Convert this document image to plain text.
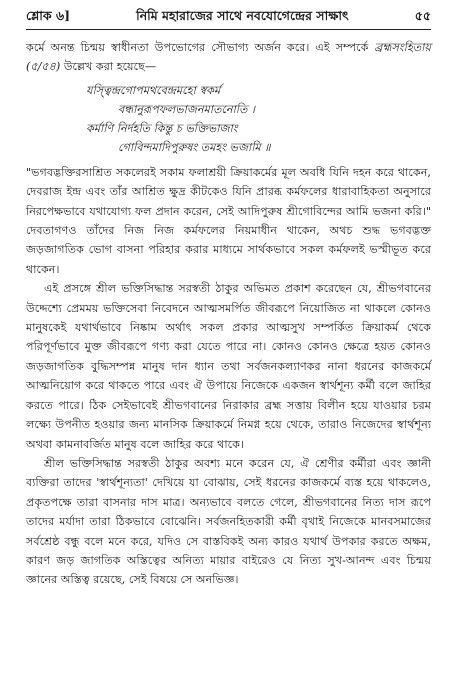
শ্লোক ৬]	নিমি মহারাজের সাথে নবযোগেন্দ্রের সাক্ষাৎ	৫৫

কর্মে অনন্ত চিন্ময় স্বাধীনতা উপভোগের সৌভাগ্য অর্জন করে। এই সম্পর্কে ব্রহ্মসংহিতায় (৫/৫৪) উল্লেখ করা হয়েছে—

যস্ত্বিন্দ্রগোপমথবেন্দ্রমহো স্বকর্ম
বন্ধানুরূপফলভাজনমাতনোতি ।
কর্মাণি নির্দহতি কিন্তু চ ভক্তিভাজাং
গোবিন্দমাদিপুরুষং তমহং ভজামি ॥

"ভগবদ্ভক্তিরসাশ্রিত সকলেরই সকাম ফলাশ্রয়ী ক্রিয়াকর্মের মূল অবধি যিনি দহন করে থাকেন, দেবরাজ ইন্দ্র এবং তাঁর আশ্রিত ক্ষুদ্র কীটকেও যিনি প্রারব্ধ কর্মফলের ধারাবাহিকতা অনুসারে নিরপেক্ষভাবে যথাযোগ্য ফল প্রদান করেন, সেই আদিপুরুষ শ্রীগোবিন্দের আমি ভজনা করি।" দেবতাগণও তাঁদের নিজ নিজ কর্মফলের নিয়মাধীন থাকেন, অথচ শুদ্ধ ভগবদ্ভক্ত জড়জাগতিক ভোগ বাসনা পরিহার করার মাধ্যমে সার্থকভাবে সকল কর্মফলই ভস্মীভূত করে থাকেন।

এই প্রসঙ্গে শ্রীল ভক্তিসিদ্ধান্ত সরস্বতী ঠাকুর অভিমত প্রকাশ করেছেন যে, শ্রীভগবানের উদ্দেশ্যে প্রেমময় ভক্তিসেবা নিবেদনে আত্মসমর্পিত জীবরূপে নিয়োজিত না থাকলে কোনও মানুষকেই যথার্থভাবে নিষ্কাম অর্থাৎ সকল প্রকার আত্মসুখ সম্পর্কিত ক্রিয়াকর্ম থেকে পরিপূর্ণভাবে মুক্ত জীবরূপে গণ্য করা যেতে পারে না। কোনও কোনও ক্ষেত্রে হয়ত কোনও জড়জাগতিক বুদ্ধিসম্পন্ন মানুষ দান ধ্যান তথা সর্বজনকল্যাণকর নানা ধরনের কাজকর্মে আত্মনিয়োগ করে থাকতে পারে এবং ঐ উপায়ে নিজেকে একজন স্বার্থশূন্য কর্মী বলে জাহির করতে পারে। ঠিক সেইভাবেই শ্রীভগবানের নিরাকার ব্রহ্ম সত্তায় বিলীন হয়ে যাওয়ার চরম লক্ষ্যে উপনীত হওয়ার জন্য মানসিক ক্রিয়াকর্মে নিমগ্ন হয়ে থেকে, তারাও নিজেদের স্বার্থশূন্য অথবা কামনাবর্জিত মানুষ বলে জাহির করে থাকে।

শ্রীল ভক্তিসিদ্ধান্ত সরস্বতী ঠাকুর অবশ্য মনে করেন যে, ঐ শ্রেণীর কর্মীরা এবং জ্ঞানী ব্যক্তিরা তাদের 'স্বার্থশূন্যতা' দেখিয়ে যা বোঝায়, সেই ধরনের কাজকর্মে ব্যস্ত হয়ে থাকলেও, প্রকৃতপক্ষে তারা বাসনার দাস মাত্র। অন্যভাবে বলতে গেলে, শ্রীভগবানের নিত্য দাস রূপে তাদের মর্যাদা তারা ঠিকভাবে বোঝেনি। সর্বজনহিতকারী কর্মী বৃথাই নিজেকে মানবসমাজের সর্বশ্রেষ্ঠ বন্ধু বলে মনে করে, যদিও সে বাস্তবিকই অন্য কারও যথার্থ উপকার করতে অক্ষম, কারণ জড় জাগতিক অস্তিত্বের অনিত্য মায়ার বাইরেও যে নিত্য সুখ-আনন্দ এবং চিন্ময় জ্ঞানের অস্তিত্ব রয়েছে, সেই বিষয়ে সে অনভিজ্ঞ।
